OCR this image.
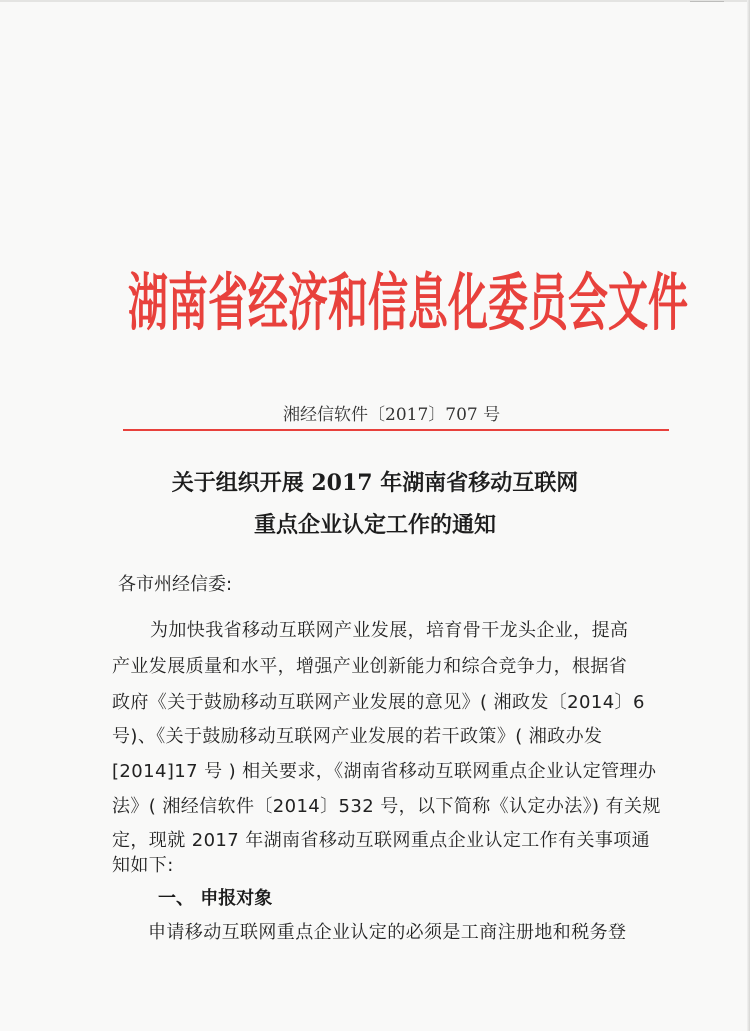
湖南省经济和信息化委员会文件
湘经信软件〔2017〕707 号
关于组织开展 2017 年湖南省移动互联网
重点企业认定工作的通知
各市州经信委:
为加快我省移动互联网产业发展，培育骨干龙头企业，提高
产业发展质量和水平，增强产业创新能力和综合竞争力，根据省
政府《关于鼓励移动互联网产业发展的意见》( 湘政发〔2014〕6
号)、《关于鼓励移动互联网产业发展的若干政策》( 湘政办发
[2014]17 号 ) 相关要求，《湖南省移动互联网重点企业认定管理办
法》( 湘经信软件〔2014〕532 号，以下简称《认定办法》) 有关规
定，现就 2017 年湖南省移动互联网重点企业认定工作有关事项通
知如下:
一、 申报对象
申请移动互联网重点企业认定的必须是工商注册地和税务登
